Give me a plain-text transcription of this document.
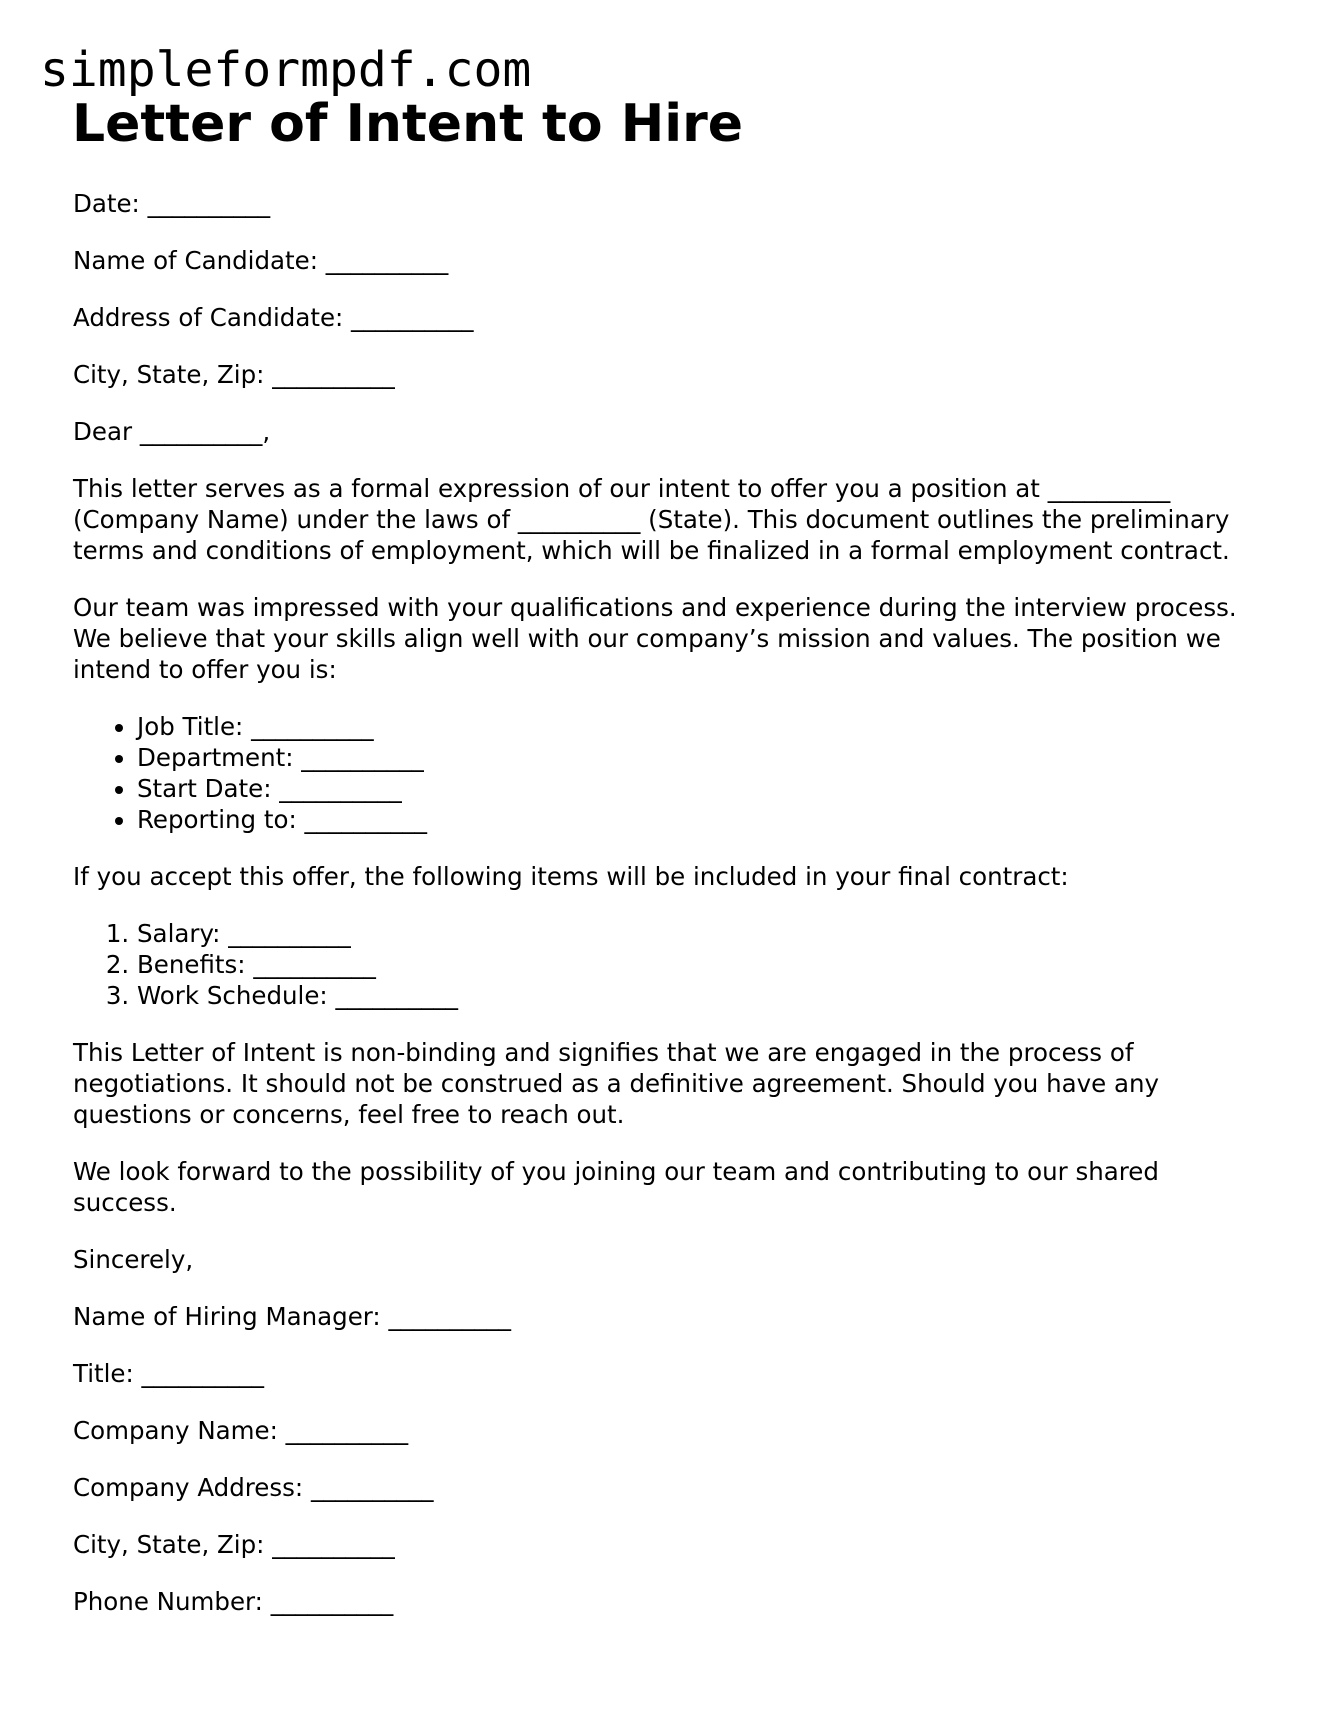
simpleformpdf.com
Letter of Intent to Hire

Date: __________

Name of Candidate: __________

Address of Candidate: __________

City, State, Zip: __________

Dear __________,

This letter serves as a formal expression of our intent to offer you a position at __________ (Company Name) under the laws of __________ (State). This document outlines the preliminary terms and conditions of employment, which will be finalized in a formal employment contract.

Our team was impressed with your qualifications and experience during the interview process. We believe that your skills align well with our company’s mission and values. The position we intend to offer you is:

• Job Title: __________
• Department: __________
• Start Date: __________
• Reporting to: __________

If you accept this offer, the following items will be included in your final contract:

1. Salary: __________
2. Benefits: __________
3. Work Schedule: __________

This Letter of Intent is non-binding and signifies that we are engaged in the process of negotiations. It should not be construed as a definitive agreement. Should you have any questions or concerns, feel free to reach out.

We look forward to the possibility of you joining our team and contributing to our shared success.

Sincerely,

Name of Hiring Manager: __________

Title: __________

Company Name: __________

Company Address: __________

City, State, Zip: __________

Phone Number: __________
